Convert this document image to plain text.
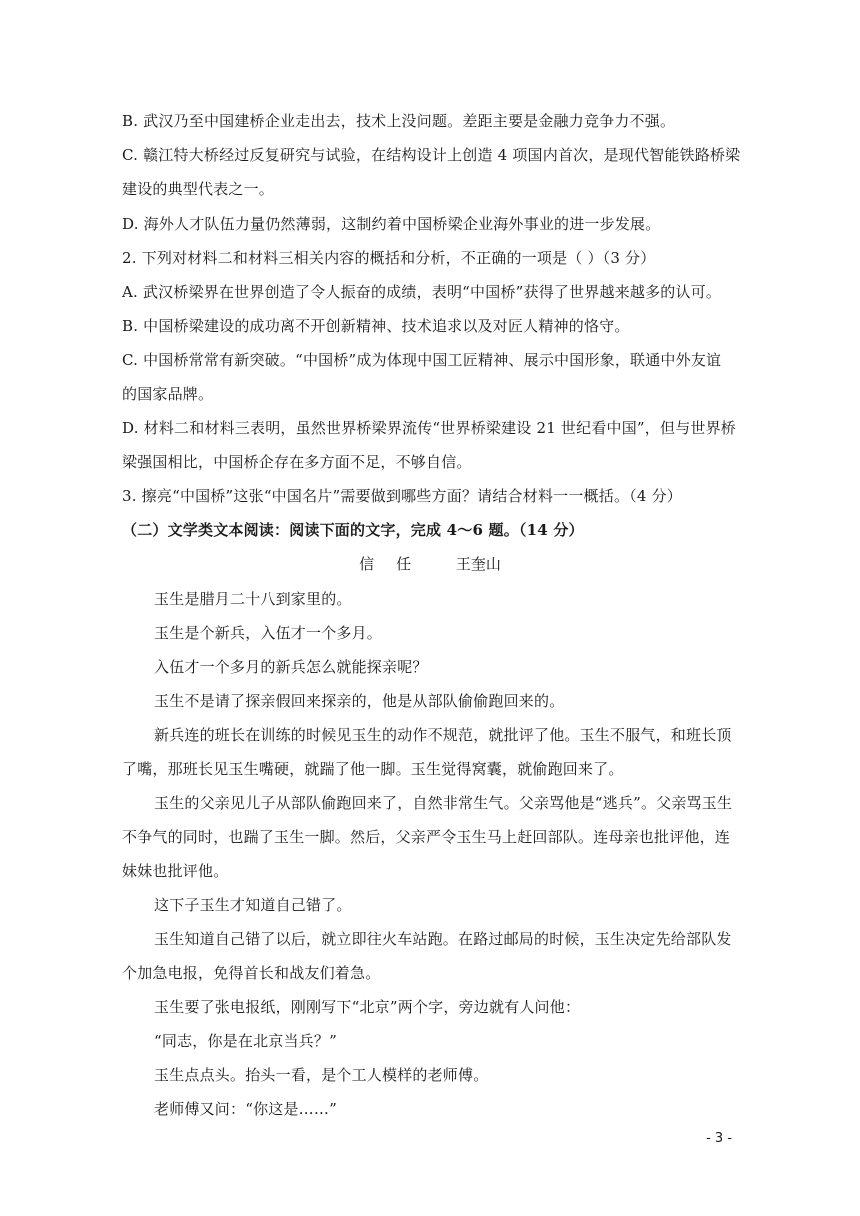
B. 武汉乃至中国建桥企业走出去，技术上没问题。差距主要是金融力竞争力不强。
C. 赣江特大桥经过反复研究与试验，在结构设计上创造 4 项国内首次，是现代智能铁路桥梁
建设的典型代表之一。
D. 海外人才队伍力量仍然薄弱，这制约着中国桥梁企业海外事业的进一步发展。
2. 下列对材料二和材料三相关内容的概括和分析，不正确的一项是（ ）（3 分）
A. 武汉桥梁界在世界创造了令人振奋的成绩，表明“中国桥”获得了世界越来越多的认可。
B. 中国桥梁建设的成功离不开创新精神、技术追求以及对匠人精神的恪守。
C. 中国桥常常有新突破。“中国桥”成为体现中国工匠精神、展示中国形象，联通中外友谊
的国家品牌。
D. 材料二和材料三表明，虽然世界桥梁界流传“世界桥梁建设 21 世纪看中国”，但与世界桥
梁强国相比，中国桥企存在多方面不足，不够自信。
3. 擦亮“中国桥”这张“中国名片”需要做到哪些方面？请结合材料一一概括。（4 分）
（二）文学类文本阅读：阅读下面的文字，完成 4～6 题。（14 分）
信任 王奎山
玉生是腊月二十八到家里的。
玉生是个新兵，入伍才一个多月。
入伍才一个多月的新兵怎么就能探亲呢？
玉生不是请了探亲假回来探亲的，他是从部队偷偷跑回来的。
新兵连的班长在训练的时候见玉生的动作不规范，就批评了他。玉生不服气，和班长顶
了嘴，那班长见玉生嘴硬，就踹了他一脚。玉生觉得窝囊，就偷跑回来了。
玉生的父亲见儿子从部队偷跑回来了，自然非常生气。父亲骂他是“逃兵”。父亲骂玉生
不争气的同时，也踹了玉生一脚。然后，父亲严令玉生马上赶回部队。连母亲也批评他，连
妹妹也批评他。
这下子玉生才知道自己错了。
玉生知道自己错了以后，就立即往火车站跑。在路过邮局的时候，玉生决定先给部队发
个加急电报，免得首长和战友们着急。
玉生要了张电报纸，刚刚写下“北京”两个字，旁边就有人问他：
“同志，你是在北京当兵？”
玉生点点头。抬头一看，是个工人模样的老师傅。
老师傅又问：“你这是……”
- 3 -
